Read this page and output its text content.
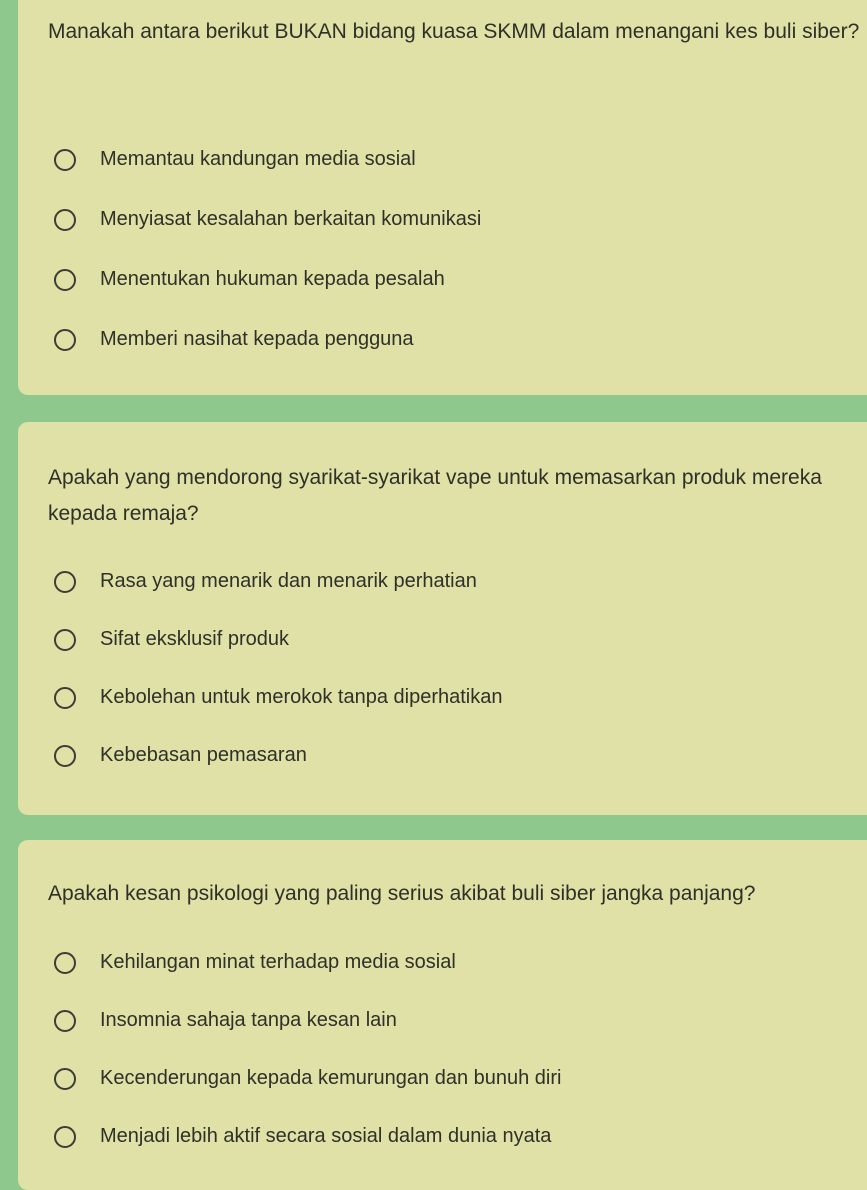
Manakah antara berikut BUKAN bidang kuasa SKMM dalam menangani kes buli siber?
Memantau kandungan media sosial
Menyiasat kesalahan berkaitan komunikasi
Menentukan hukuman kepada pesalah
Memberi nasihat kepada pengguna
Apakah yang mendorong syarikat-syarikat vape untuk memasarkan produk mereka kepada remaja?
Rasa yang menarik dan menarik perhatian
Sifat eksklusif produk
Kebolehan untuk merokok tanpa diperhatikan
Kebebasan pemasaran
Apakah kesan psikologi yang paling serius akibat buli siber jangka panjang?
Kehilangan minat terhadap media sosial
Insomnia sahaja tanpa kesan lain
Kecenderungan kepada kemurungan dan bunuh diri
Menjadi lebih aktif secara sosial dalam dunia nyata
